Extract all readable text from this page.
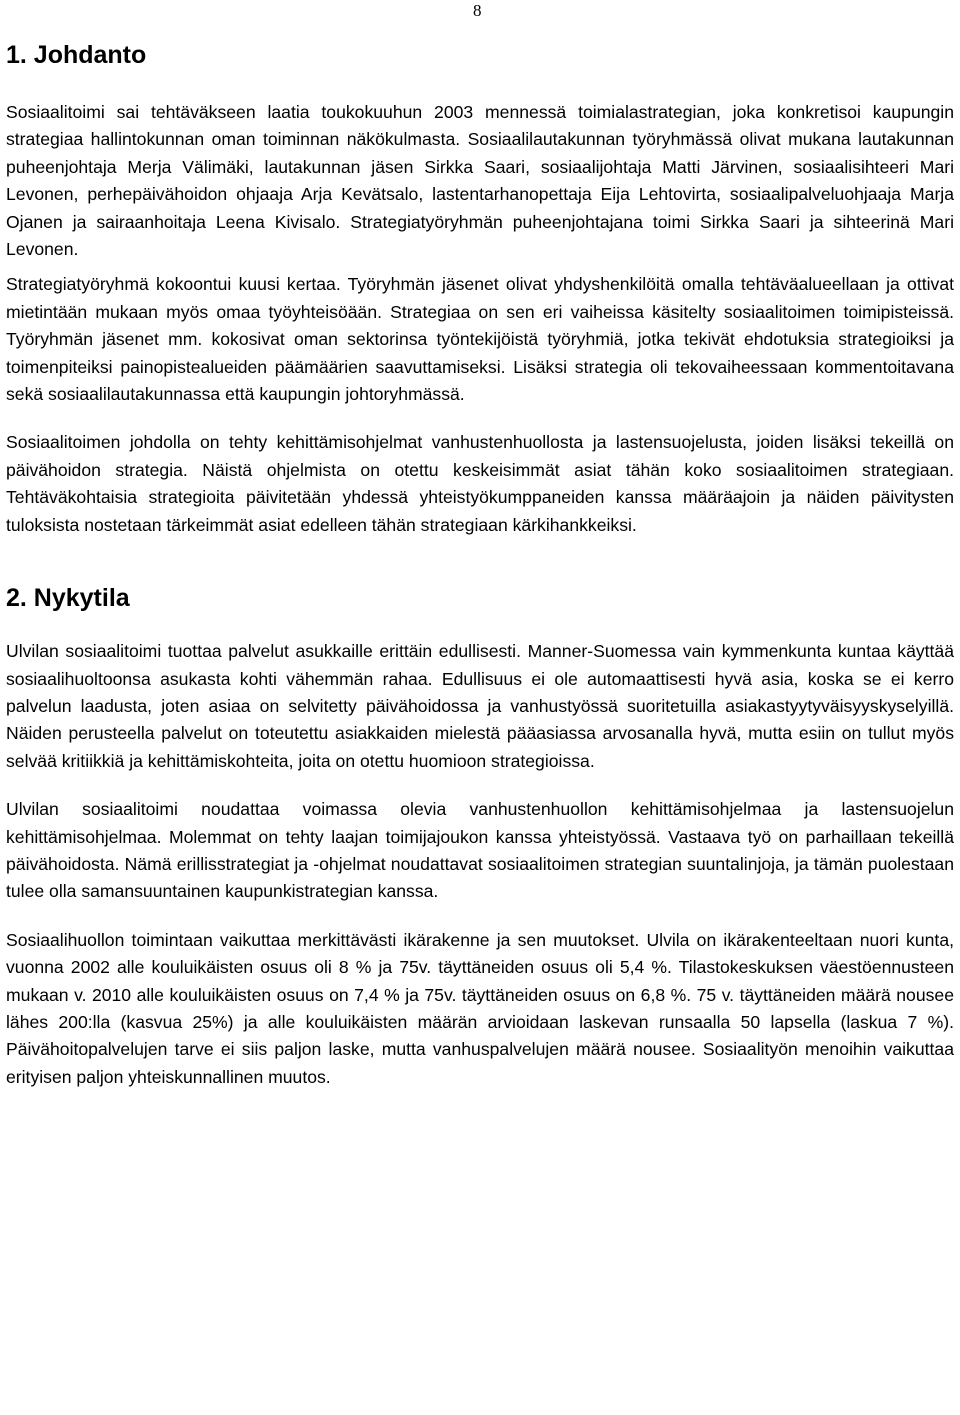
8
1. Johdanto

Sosiaalitoimi sai tehtäväkseen laatia toukokuuhun 2003 mennessä toimialastrategian, joka konkretisoi kaupungin strategiaa hallintokunnan oman toiminnan näkökulmasta. Sosiaalilautakunnan työryhmässä olivat mukana lautakunnan puheenjohtaja Merja Välimäki, lautakunnan jäsen Sirkka Saari, sosiaalijohtaja Matti Järvinen, sosiaalisihteeri Mari Levonen, perhepäivähoidon ohjaaja Arja Kevätsalo, lastentarhanopettaja Eija Lehtovirta, sosiaalipalveluohjaaja Marja Ojanen ja sairaanhoitaja Leena Kivisalo. Strategiatyöryhmän puheenjohtajana toimi Sirkka Saari ja sihteerinä Mari Levonen.

Strategiatyöryhmä kokoontui kuusi kertaa. Työryhmän jäsenet olivat yhdyshenkilöitä omalla tehtäväalueellaan ja ottivat mietintään mukaan myös omaa työyhteisöään. Strategiaa on sen eri vaiheissa käsitelty sosiaalitoimen toimipisteissä. Työryhmän jäsenet mm. kokosivat oman sektorinsa työntekijöistä työryhmiä, jotka tekivät ehdotuksia strategioiksi ja toimenpiteiksi painopistealueiden päämäärien saavuttamiseksi. Lisäksi strategia oli tekovaiheessaan kommentoitavana sekä sosiaalilautakunnassa että kaupungin johtoryhmässä.

Sosiaalitoimen johdolla on tehty kehittämisohjelmat vanhustenhuollosta ja lastensuojelusta, joiden lisäksi tekeillä on päivähoidon strategia. Näistä ohjelmista on otettu keskeisimmät asiat tähän koko sosiaalitoimen strategiaan. Tehtäväkohtaisia strategioita päivitetään yhdessä yhteistyökumppaneiden kanssa määräajoin ja näiden päivitysten tuloksista nostetaan tärkeimmät asiat edelleen tähän strategiaan kärkihankkeiksi.

2. Nykytila

Ulvilan sosiaalitoimi tuottaa palvelut asukkaille erittäin edullisesti. Manner-Suomessa vain kymmenkunta kuntaa käyttää sosiaalihuoltoonsa asukasta kohti vähemmän rahaa. Edullisuus ei ole automaattisesti hyvä asia, koska se ei kerro palvelun laadusta, joten asiaa on selvitetty päivähoidossa ja vanhustyössä suoritetuilla asiakastyytyväisyyskyselyillä. Näiden perusteella palvelut on toteutettu asiakkaiden mielestä pääasiassa arvosanalla hyvä, mutta esiin on tullut myös selvää kritiikkiä ja kehittämiskohteita, joita on otettu huomioon strategioissa.

Ulvilan sosiaalitoimi noudattaa voimassa olevia vanhustenhuollon kehittämisohjelmaa ja lastensuojelun kehittämisohjelmaa. Molemmat on tehty laajan toimijajoukon kanssa yhteistyössä. Vastaava työ on parhaillaan tekeillä päivähoidosta. Nämä erillisstrategiat ja -ohjelmat noudattavat sosiaalitoimen strategian suuntalinjoja, ja tämän puolestaan tulee olla samansuuntainen kaupunkistrategian kanssa.

Sosiaalihuollon toimintaan vaikuttaa merkittävästi ikärakenne ja sen muutokset. Ulvila on ikärakenteeltaan nuori kunta, vuonna 2002 alle kouluikäisten osuus oli 8 % ja 75v. täyttäneiden osuus oli 5,4 %. Tilastokeskuksen väestöennusteen mukaan v. 2010 alle kouluikäisten osuus on 7,4 % ja 75v. täyttäneiden osuus on 6,8 %. 75 v. täyttäneiden määrä nousee lähes 200:lla (kasvua 25%) ja alle kouluikäisten määrän arvioidaan laskevan runsaalla 50 lapsella (laskua 7 %). Päivähoitopalvelujen tarve ei siis paljon laske, mutta vanhuspalvelujen määrä nousee. Sosiaalityön menoihin vaikuttaa erityisen paljon yhteiskunnallinen muutos.
